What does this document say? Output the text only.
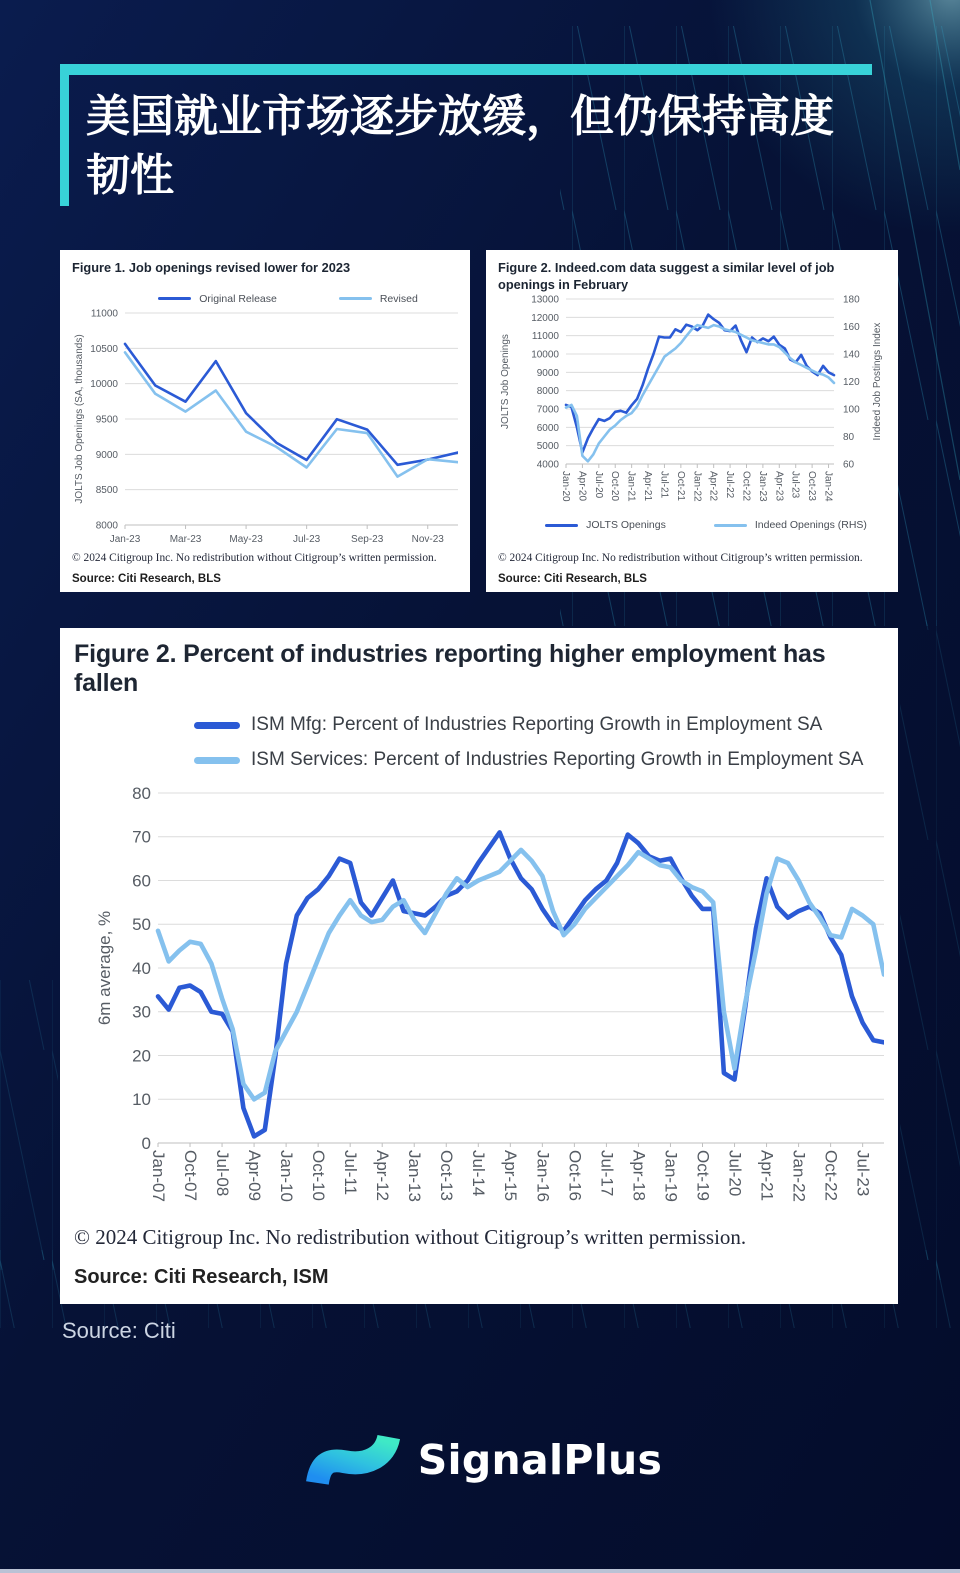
美国就业市场逐步放缓，但仍保持高度韧性
Figure 1. Job openings revised lower for 2023
Original Release	Revised
11000
10500
10000
9500
9000
8500
8000
Jan-23	Mar-23	May-23	Jul-23	Sep-23	Nov-23
JOLTS Job Openings (SA, thousands)
© 2024 Citigroup Inc. No redistribution without Citigroup’s written permission.
Source: Citi Research, BLS
Figure 2. Indeed.com data suggest a similar level of job openings in February
13000
12000
11000
10000
9000
8000
7000
6000
5000
4000
180
160
140
120
100
80
60
Jan-20 Apr-20 Jul-20 Oct-20 Jan-21 Apr-21 Jul-21 Oct-21 Jan-22 Apr-22 Jul-22 Oct-22 Jan-23 Apr-23 Jul-23 Oct-23 Jan-24
JOLTS Job Openings	Indeed Job Postings Index
JOLTS Openings	Indeed Openings (RHS)
© 2024 Citigroup Inc. No redistribution without Citigroup’s written permission.
Source: Citi Research, BLS
Figure 2. Percent of industries reporting higher employment has fallen
ISM Mfg: Percent of Industries Reporting Growth in Employment SA
ISM Services: Percent of Industries Reporting Growth in Employment SA
80
70
60
50
40
30
20
10
0
Jan-07 Oct-07 Jul-08 Apr-09 Jan-10 Oct-10 Jul-11 Apr-12 Jan-13 Oct-13 Jul-14 Apr-15 Jan-16 Oct-16 Jul-17 Apr-18 Jan-19 Oct-19 Jul-20 Apr-21 Jan-22 Oct-22 Jul-23
6m average, %
© 2024 Citigroup Inc. No redistribution without Citigroup’s written permission.
Source: Citi Research, ISM
Source: Citi
SignalPlus
